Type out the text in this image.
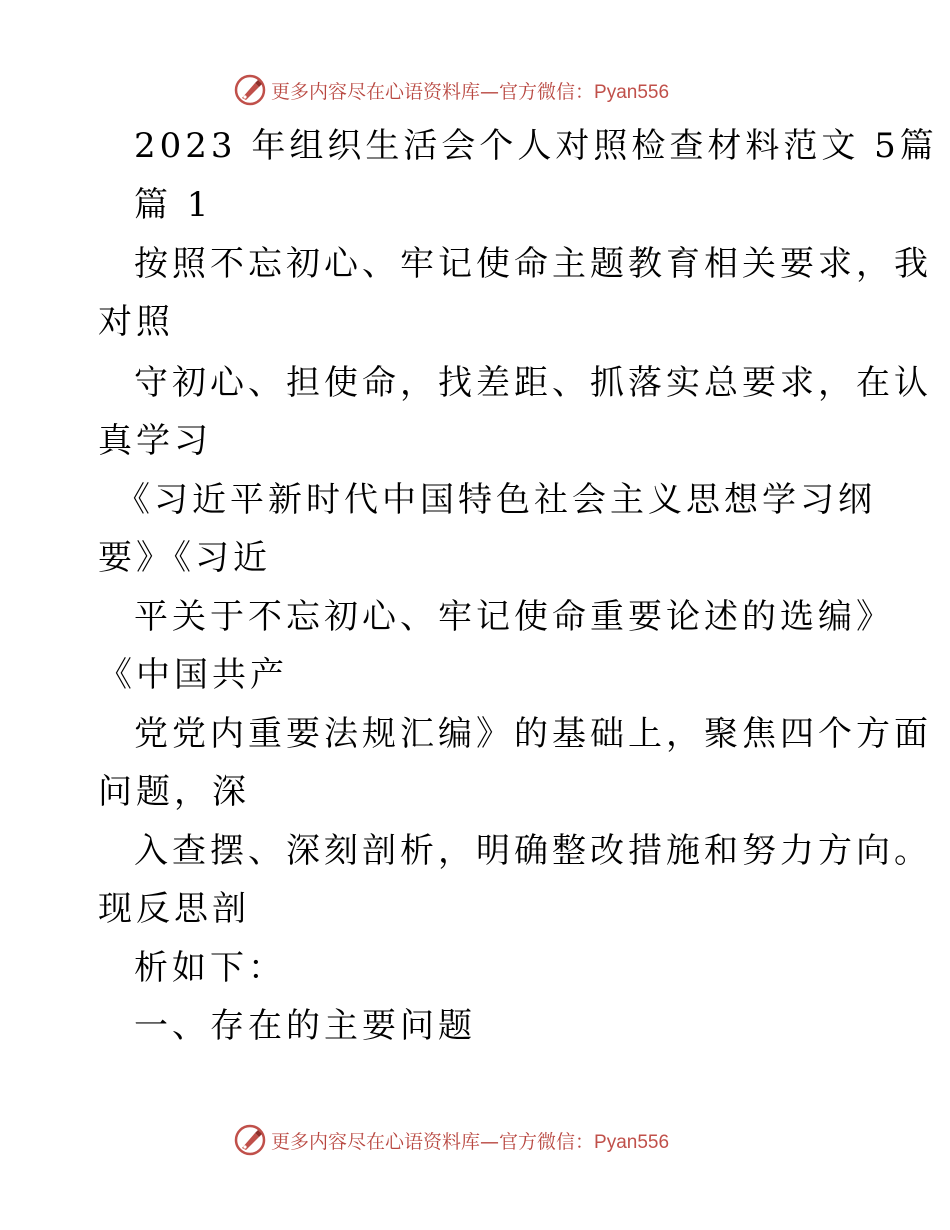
更多内容尽在心语资料库—官方微信：Pyan556
2023 年组织生活会个人对照检查材料范文 5篇
篇 1
按照不忘初心、牢记使命主题教育相关要求，我
对照
守初心、担使命，找差距、抓落实总要求，在认
真学习
《习近平新时代中国特色社会主义思想学习纲
要》《习近
平关于不忘初心、牢记使命重要论述的选编》
《中国共产
党党内重要法规汇编》的基础上，聚焦四个方面
问题，深
入查摆、深刻剖析，明确整改措施和努力方向。
现反思剖
析如下：
一、存在的主要问题
更多内容尽在心语资料库—官方微信：Pyan556
